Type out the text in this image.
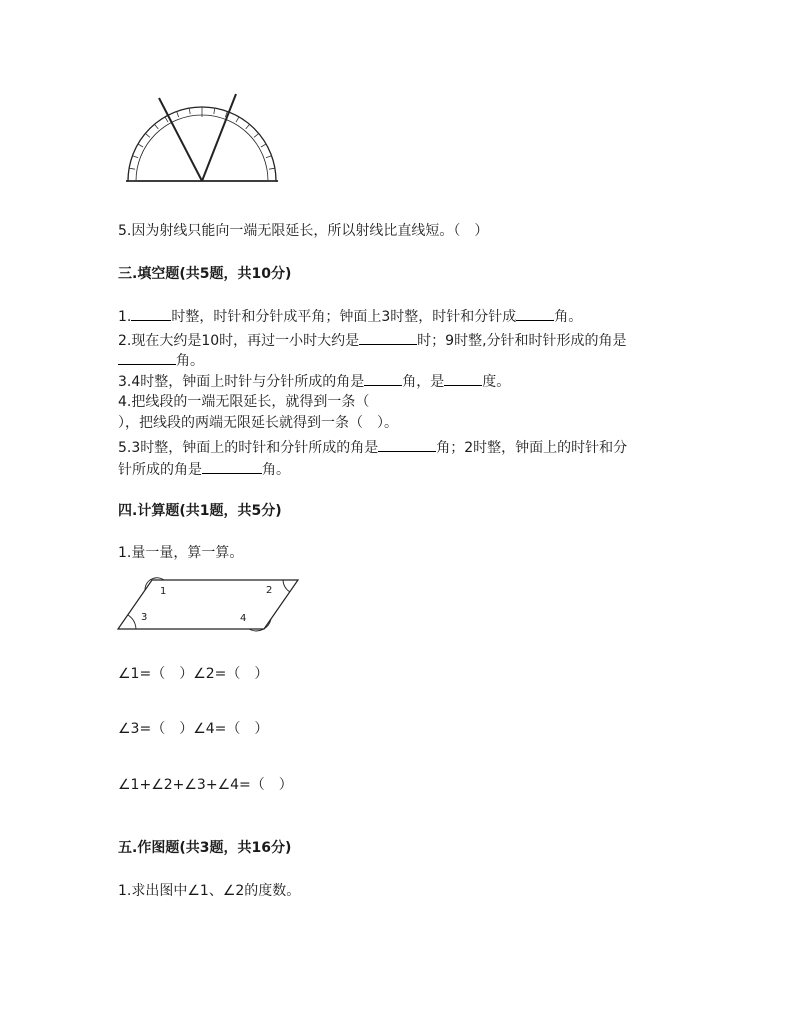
5.因为射线只能向一端无限延长，所以射线比直线短。（　）
三.填空题(共5题，共10分)
1.	时整，时针和分针成平角；钟面上3时整，时针和分针成	角。
2.现在大约是10时，再过一小时大约是	时；9时整,分针和时针形成的角是
角。
3.4时整，钟面上时针与分针所成的角是	角，是	度。
4.把线段的一端无限延长，就得到一条（
），把线段的两端无限延长就得到一条（　）。
5.3时整，钟面上的时针和分针所成的角是	角；2时整，钟面上的时针和分
针所成的角是	角。
四.计算题(共1题，共5分)
1.量一量，算一算。
1	2
3	4
∠1=（　）∠2=（　）
∠3=（　）∠4=（　）
∠1+∠2+∠3+∠4=（　）
五.作图题(共3题，共16分)
1.求出图中∠1、∠2的度数。
